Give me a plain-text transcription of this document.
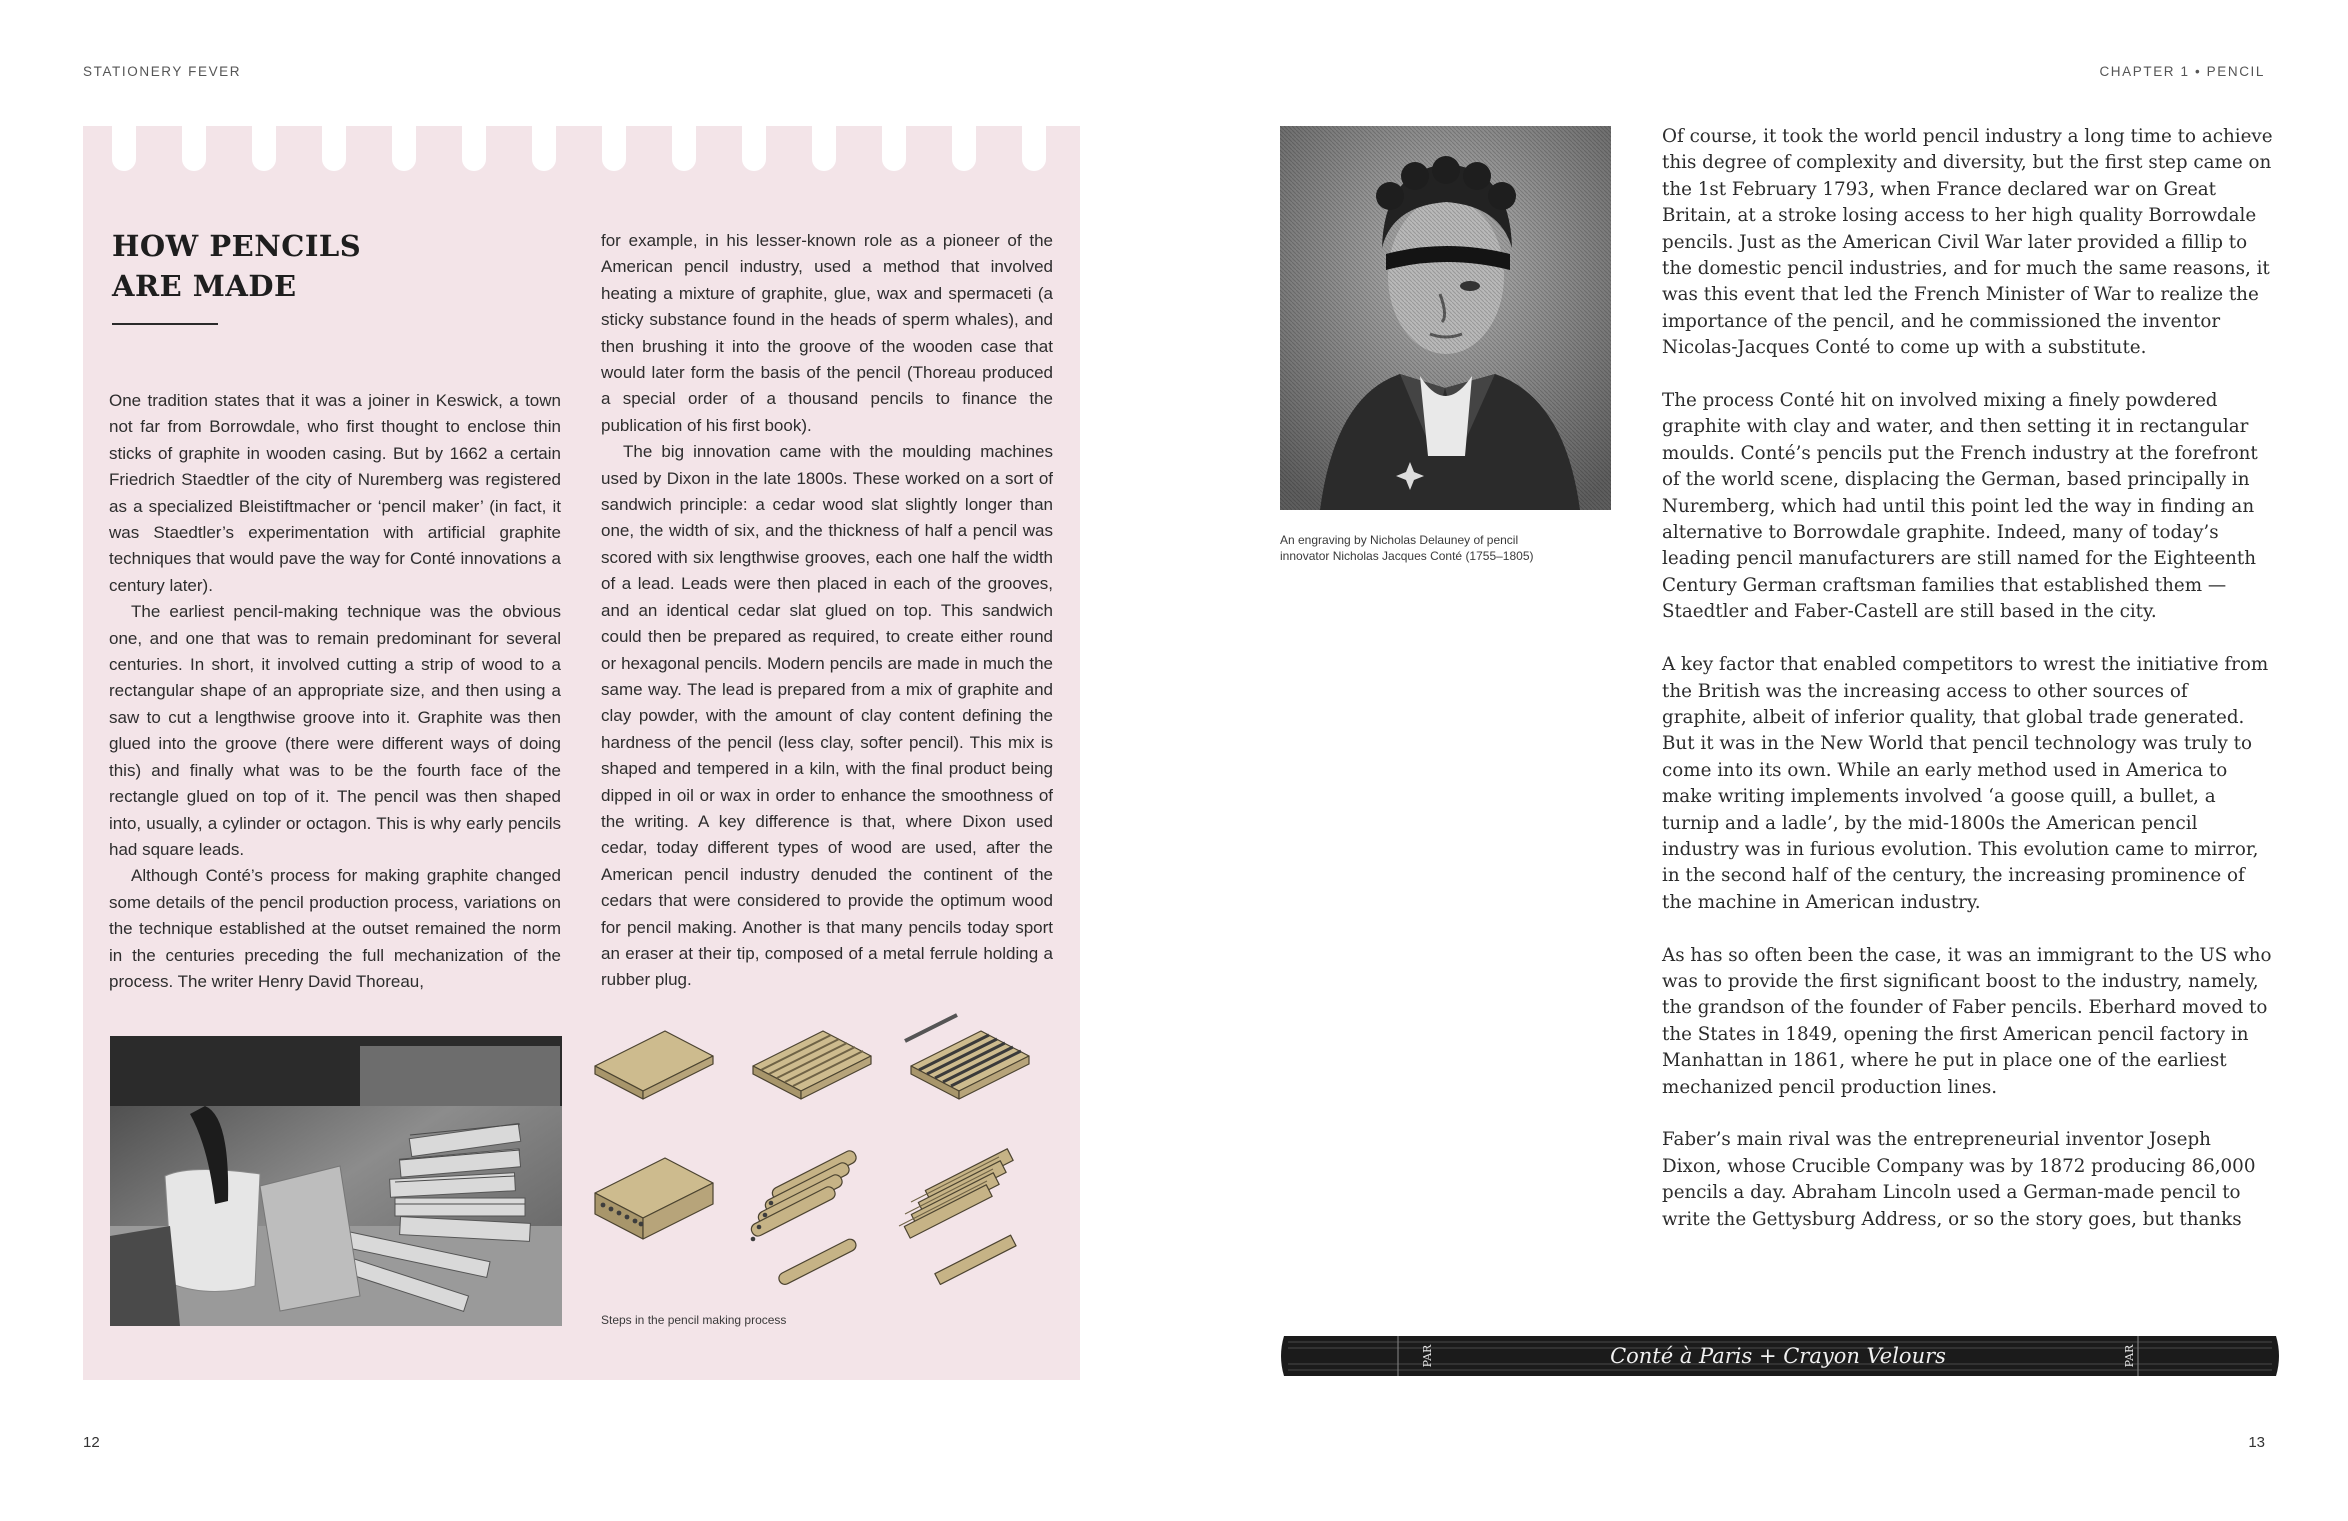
STATIONERY FEVER	CHAPTER 1 • PENCIL
HOW PENCILS
ARE MADE

One tradition states that it was a joiner in Keswick, a town not far from Borrowdale, who first thought to enclose thin sticks of graphite in wooden casing. But by 1662 a certain Friedrich Staedtler of the city of Nuremberg was registered as a specialized Bleistiftmacher or ‘pencil maker’ (in fact, it was Staedtler’s experimentation with artificial graphite techniques that would pave the way for Conté innovations a century later).

The earliest pencil-making technique was the obvious one, and one that was to remain predominant for several centuries. In short, it involved cutting a strip of wood to a rectangular shape of an appropriate size, and then using a saw to cut a lengthwise groove into it. Graphite was then glued into the groove (there were different ways of doing this) and finally what was to be the fourth face of the rectangle glued on top of it. The pencil was then shaped into, usually, a cylinder or octagon. This is why early pencils had square leads.

Although Conté’s process for making graphite changed some details of the pencil production process, variations on the technique established at the outset remained the norm in the centuries preceding the full mechanization of the process. The writer Henry David Thoreau,

for example, in his lesser-known role as a pioneer of the American pencil industry, used a method that involved heating a mixture of graphite, glue, wax and spermaceti (a sticky substance found in the heads of sperm whales), and then brushing it into the groove of the wooden case that would later form the basis of the pencil (Thoreau produced a special order of a thousand pencils to finance the publication of his first book).

The big innovation came with the moulding machines used by Dixon in the late 1800s. These worked on a sort of sandwich principle: a cedar wood slat slightly longer than one, the width of six, and the thickness of half a pencil was scored with six lengthwise grooves, each one half the width of a lead. Leads were then placed in each of the grooves, and an identical cedar slat glued on top. This sandwich could then be prepared as required, to create either round or hexagonal pencils. Modern pencils are made in much the same way. The lead is prepared from a mix of graphite and clay powder, with the amount of clay content defining the hardness of the pencil (less clay, softer pencil). This mix is shaped and tempered in a kiln, with the final product being dipped in oil or wax in order to enhance the smoothness of the writing. A key difference is that, where Dixon used cedar, today different types of wood are used, after the American pencil industry denuded the continent of the cedars that were considered to provide the optimum wood for pencil making. Another is that many pencils today sport an eraser at their tip, composed of a metal ferrule holding a rubber plug.

Steps in the pencil making process
An engraving by Nicholas Delauney of pencil
innovator Nicholas Jacques Conté (1755–1805)

Of course, it took the world pencil industry a long time to achieve this degree of complexity and diversity, but the first step came on the 1st February 1793, when France declared war on Great Britain, at a stroke losing access to her high quality Borrowdale pencils. Just as the American Civil War later provided a fillip to the domestic pencil industries, and for much the same reasons, it was this event that led the French Minister of War to realize the importance of the pencil, and he commissioned the inventor Nicolas-Jacques Conté to come up with a substitute.

The process Conté hit on involved mixing a finely powdered graphite with clay and water, and then setting it in rectangular moulds. Conté’s pencils put the French industry at the forefront of the world scene, displacing the German, based principally in Nuremberg, which had until this point led the way in finding an alternative to Borrowdale graphite. Indeed, many of today’s leading pencil manufacturers are still named for the Eighteenth Century German craftsman families that established them — Staedtler and Faber-Castell are still based in the city.

A key factor that enabled competitors to wrest the initiative from the British was the increasing access to other sources of graphite, albeit of inferior quality, that global trade generated. But it was in the New World that pencil technology was truly to come into its own. While an early method used in America to make writing implements involved ‘a goose quill, a bullet, a turnip and a ladle’, by the mid-1800s the American pencil industry was in furious evolution. This evolution came to mirror, in the second half of the century, the increasing prominence of the machine in American industry.

As has so often been the case, it was an immigrant to the US who was to provide the first significant boost to the industry, namely, the grandson of the founder of Faber pencils. Eberhard moved to the States in 1849, opening the first American pencil factory in Manhattan in 1861, where he put in place one of the earliest mechanized pencil production lines.

Faber’s main rival was the entrepreneurial inventor Joseph Dixon, whose Crucible Company was by 1872 producing 86,000 pencils a day. Abraham Lincoln used a German-made pencil to write the Gettysburg Address, or so the story goes, but thanks

PAR	PAR
Conté à Paris + Crayon Velours
12	13
